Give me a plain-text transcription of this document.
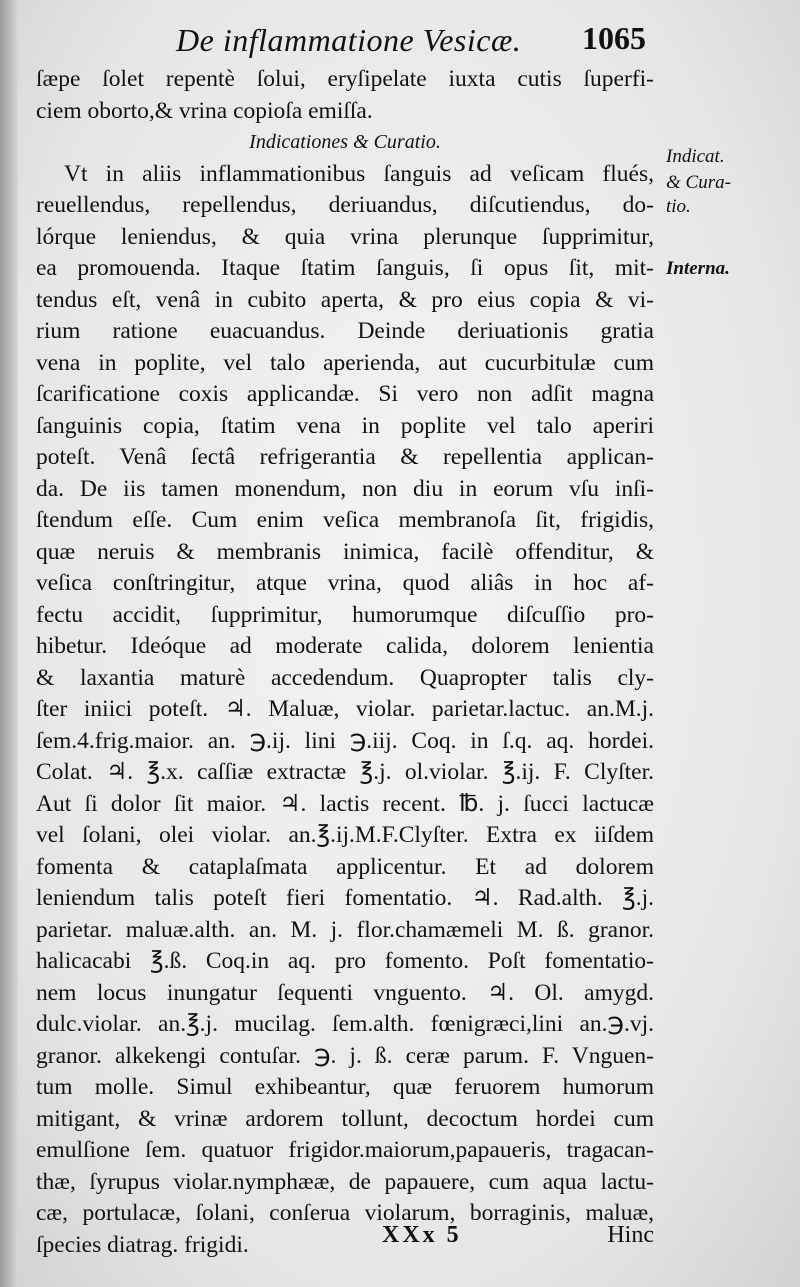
De inflammatione Vesicæ. 1065
ſæpe ſolet repentè ſolui, eryſipelate iuxta cutis ſuperfi-
ciem oborto,& vrina copioſa emiſſa.
Indicationes & Curatio.
Vt in aliis inflammationibus ſanguis ad veſicam flués,
reuellendus, repellendus, deriuandus, diſcutiendus, do-
lórque leniendus, & quia vrina plerunque ſupprimitur,
ea promouenda. Itaque ſtatim ſanguis, ſi opus ſit, mit-
tendus eſt, venâ in cubito aperta, & pro eius copia & vi-
rium ratione euacuandus. Deinde deriuationis gratia
vena in poplite, vel talo aperienda, aut cucurbitulæ cum
ſcarificatione coxis applicandæ. Si vero non adſit magna
ſanguinis copia, ſtatim vena in poplite vel talo aperiri
poteſt. Venâ ſectâ refrigerantia & repellentia applican-
da. De iis tamen monendum, non diu in eorum vſu inſi-
ſtendum eſſe. Cum enim veſica membranoſa ſit, frigidis,
quæ neruis & membranis inimica, facilè offenditur, &
veſica conſtringitur, atque vrina, quod aliâs in hoc af-
fectu accidit, ſupprimitur, humorumque diſcuſſio pro-
hibetur. Ideóque ad moderate calida, dolorem lenientia
& laxantia maturè accedendum. Quapropter talis cly-
ſter iniici poteſt. ♃. Maluæ, violar. parietar.lactuc. an.M.j.
ſem.4.frig.maior. an. ℈.ij. lini ℈.iij. Coq. in ſ.q. aq. hordei.
Colat. ♃. ℥.x. caſſiæ extractæ ℥.j. ol.violar. ℥.ij. F. Clyſter.
Aut ſi dolor ſit maior. ♃. lactis recent. ℔. j. ſucci lactucæ
vel ſolani, olei violar. an.℥.ij.M.F.Clyſter. Extra ex iiſdem
fomenta & cataplaſmata applicentur. Et ad dolorem
leniendum talis poteſt fieri fomentatio. ♃. Rad.alth. ℥.j.
parietar. maluæ.alth. an. M. j. flor.chamæmeli M. ß. granor.
halicacabi ℥.ß. Coq.in aq. pro fomento. Poſt fomentatio-
nem locus inungatur ſequenti vnguento. ♃. Ol. amygd.
dulc.violar. an.℥.j. mucilag. ſem.alth. fœnigræci,lini an.℈.vj.
granor. alkekengi contuſar. ℈. j. ß. ceræ parum. F. Vnguen-
tum molle. Simul exhibeantur, quæ feruorem humorum
mitigant, & vrinæ ardorem tollunt, decoctum hordei cum
emulſione ſem. quatuor frigidor.maiorum,papaueris, tragacan-
thæ, ſyrupus violar.nymphææ, de papauere, cum aqua lactu-
cæ, portulacæ, ſolani, conſerua violarum, borraginis, maluæ,
ſpecies diatrag. frigidi.
Indicat.
& Cura-
tio.
Interna.
XXx 5	Hinc
